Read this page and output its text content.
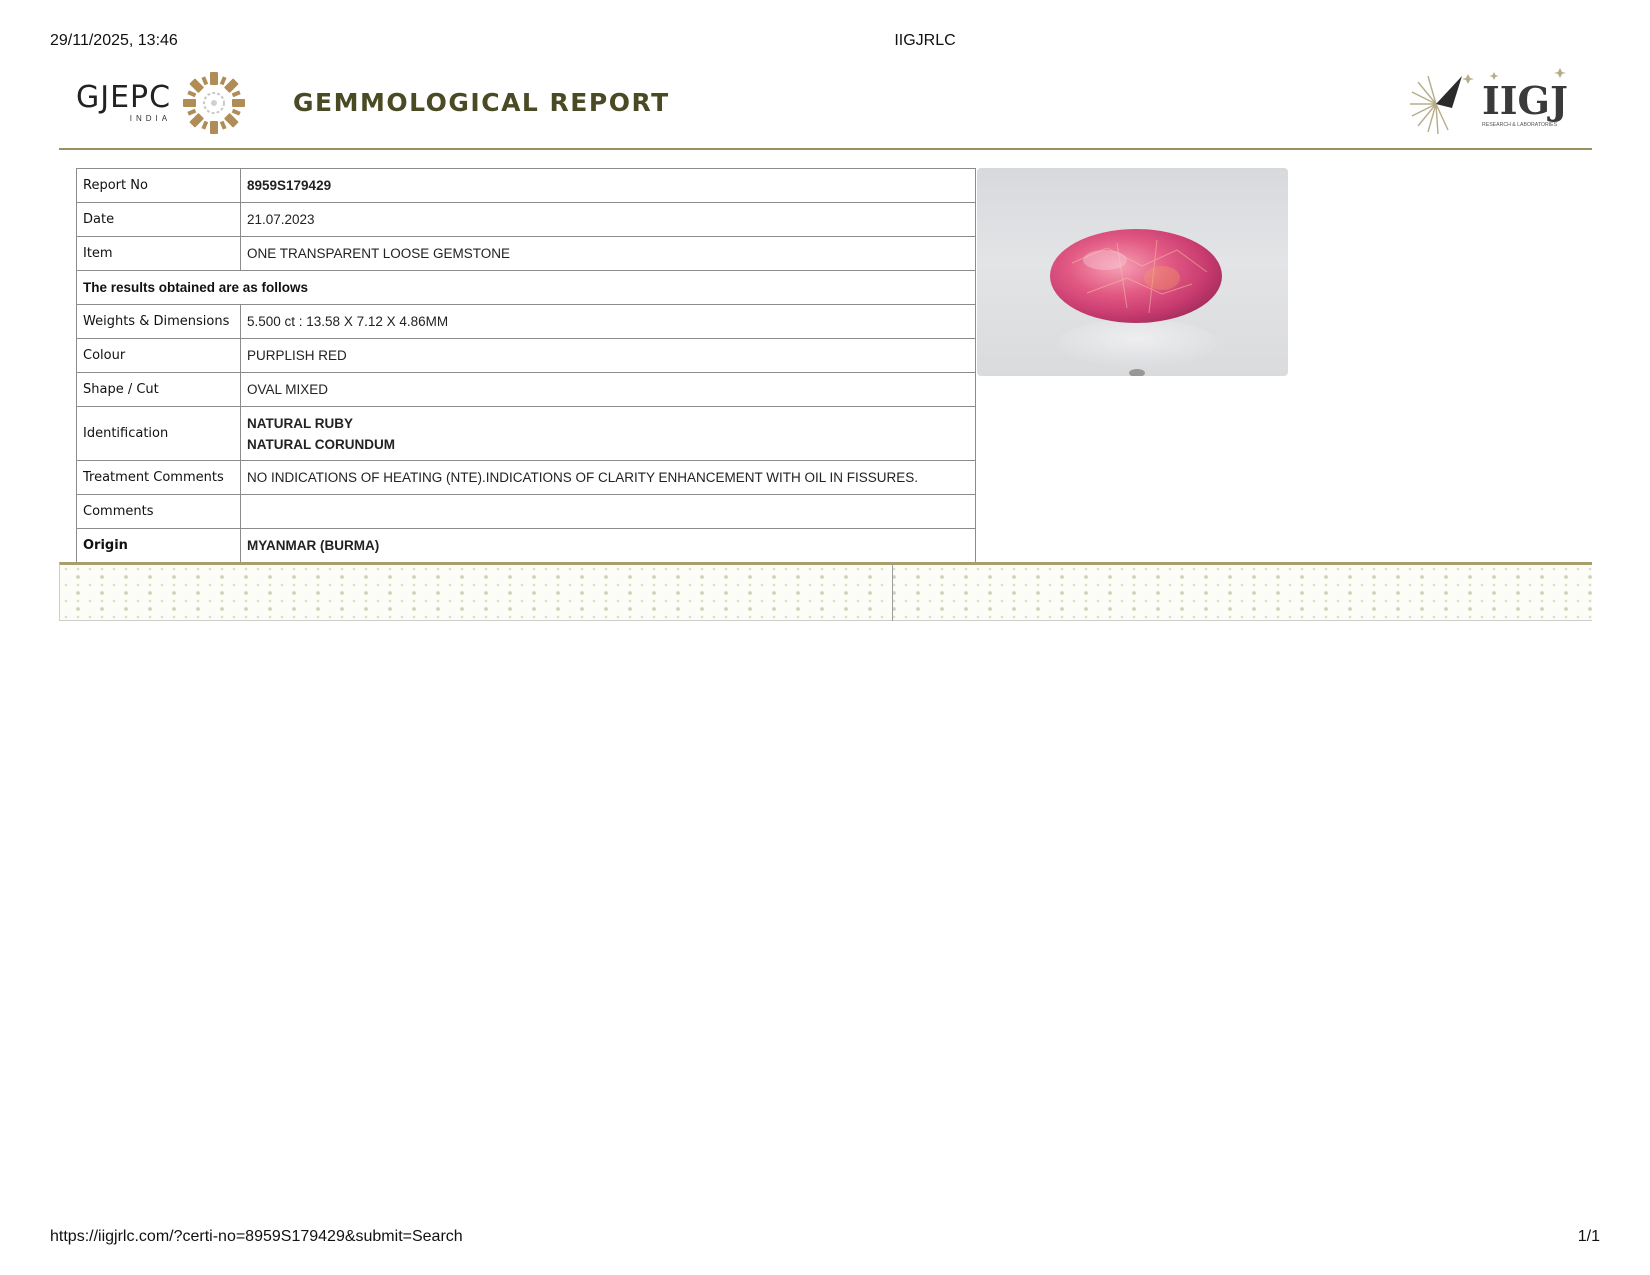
29/11/2025, 13:46	IIGJRLC
GJEPC
INDIA
GEMMOLOGICAL REPORT	IIGJ
RESEARCH & LABORATORIES
Report No	8959S179429
Date	21.07.2023
Item	ONE TRANSPARENT LOOSE GEMSTONE
The results obtained are as follows	
Weights & Dimensions	5.500 ct : 13.58 X 7.12 X 4.86MM
Colour	PURPLISH RED
Shape / Cut	OVAL MIXED
Identification	NATURAL RUBY
NATURAL CORUNDUM

Treatment Comments	NO INDICATIONS OF HEATING (NTE).INDICATIONS OF CLARITY ENHANCEMENT WITH OIL IN FISSURES.
Comments	
Origin	MYANMAR (BURMA)
https://iigjrlc.com/?certi-no=8959S179429&submit=Search	1/1
